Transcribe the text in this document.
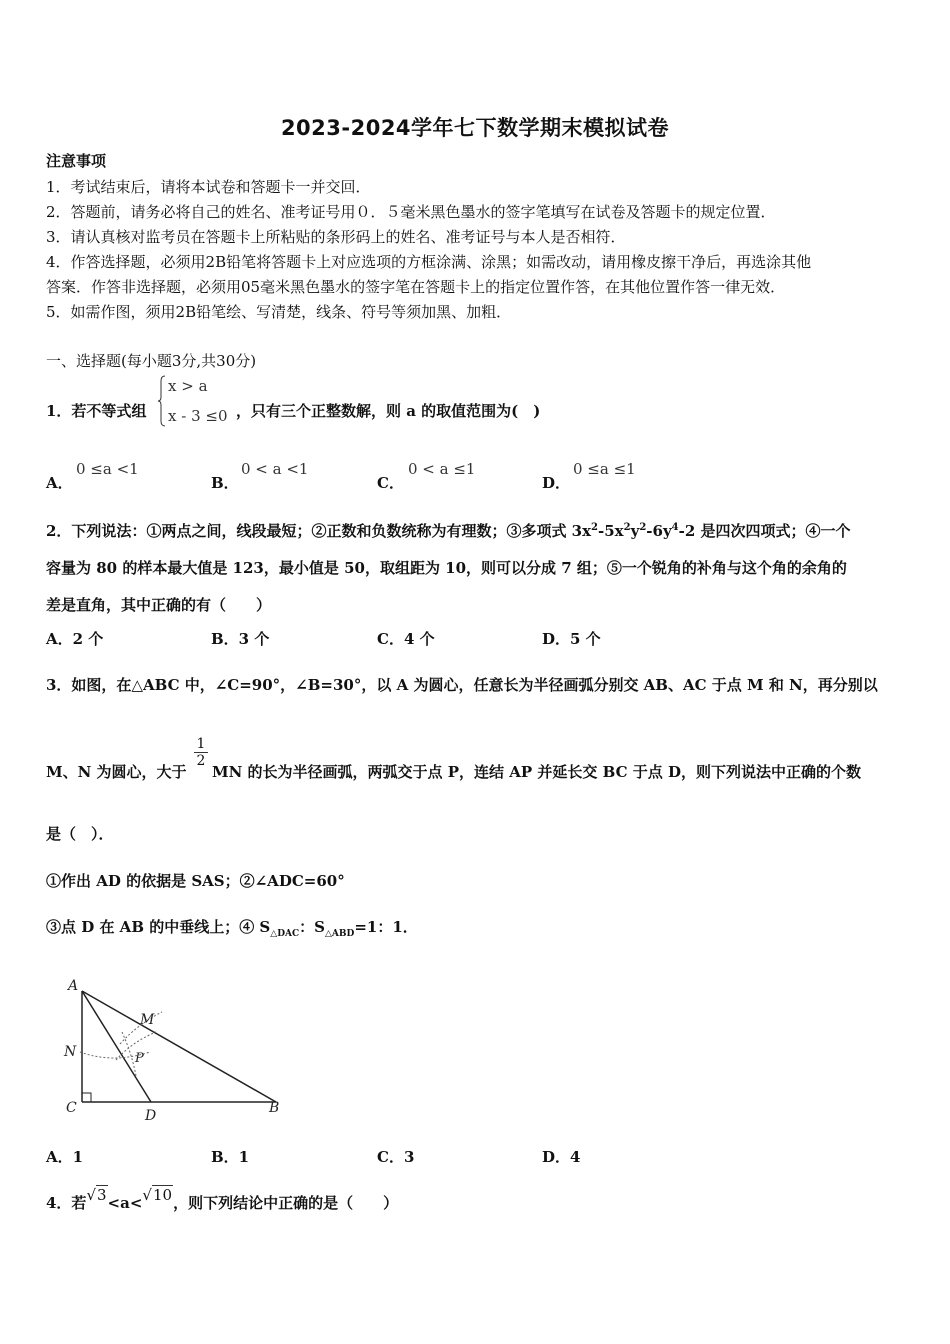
2023-2024学年七下数学期末模拟试卷
注意事项
1．考试结束后，请将本试卷和答题卡一并交回．
2．答题前，请务必将自己的姓名、准考证号用０．５毫米黑色墨水的签字笔填写在试卷及答题卡的规定位置．
3．请认真核对监考员在答题卡上所粘贴的条形码上的姓名、准考证号与本人是否相符．
4．作答选择题，必须用2B铅笔将答题卡上对应选项的方框涂满、涂黑；如需改动，请用橡皮擦干净后，再选涂其他
答案．作答非选择题，必须用05毫米黑色墨水的签字笔在答题卡上的指定位置作答，在其他位置作答一律无效．
5．如需作图，须用2B铅笔绘、写清楚，线条、符号等须加黑、加粗．
一、选择题(每小题3分,共30分)
1．若不等式组
x > a
x - 3 ≤0 ，只有三个正整数解，则 a 的取值范围为(　)
A．
0 ≤a <1
B．
0 < a <1
C．
0 < a ≤1
D．
0 ≤a ≤1
2．下列说法：①两点之间，线段最短；②正数和负数统称为有理数；③多项式 $3x^2-5x^2y^2-6y^4-2$ 是四次四项式；④一个
容量为 80 的样本最大值是 123，最小值是 50，取组距为 10，则可以分成 7 组；⑤一个锐角的补角与这个角的余角的
差是直角，其中正确的有（　　）
A．2 个	B．3 个	C．4 个	D．5 个
3．如图，在△ABC 中，∠C=90°，∠B=30°，以 A 为圆心，任意长为半径画弧分别交 AB、AC 于点 M 和 N，再分别以
M、N 为圆心，大于
$\frac{1}{2}$
MN 的长为半径画弧，两弧交于点 P，连结 AP 并延长交 BC 于点 D，则下列说法中正确的个数
是（　）．
①作出 AD 的依据是 SAS；②∠ADC=60°
③点 D 在 AB 的中垂线上；④ $S_{\triangle DAC}$：$S_{\triangle ABD}=1$：1．
A
M
N	P
C	D	B
A．1	B．1	C．3	D．4
4．若√3<a<√10，则下列结论中正确的是（　　）
